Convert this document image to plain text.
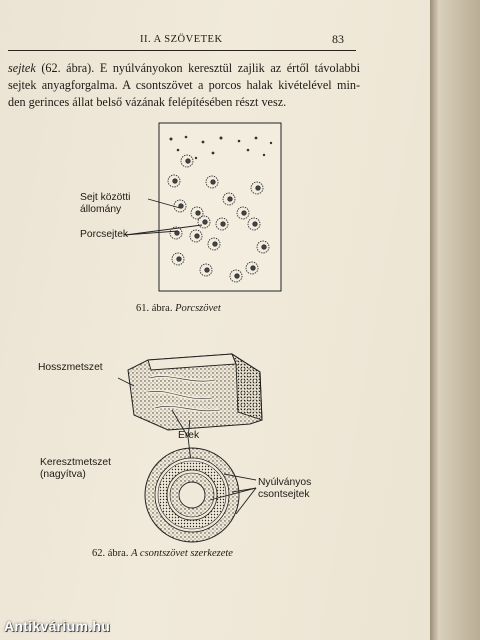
II. A SZÖVETEK	83
sejtek (62. ábra). E nyúlványokon keresztül zajlik az értől távolabbi sejtek anyagforgalma. A csontszövet a porcos halak kivételével min- den gerinces állat belső vázának felépítésében részt vesz.
Sejt közötti
állomány
Porcsejtek
61. ábra. Porcszövet
Hosszmetszet
Erek
Keresztmetszet
(nagyítva)
Nyúlványos
csontsejtek
62. ábra. A csontszövet szerkezete
Antikvárium.hu
